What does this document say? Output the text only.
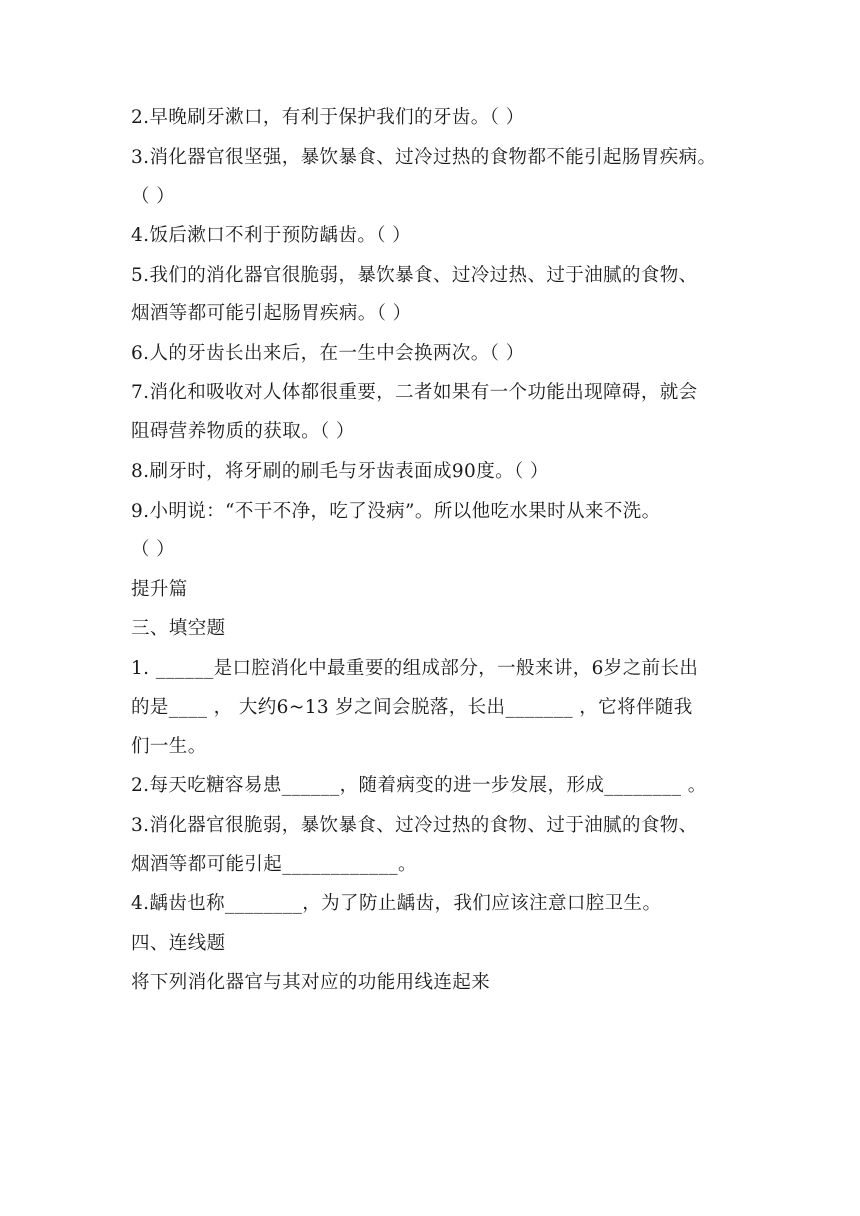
2.早晚刷牙漱口，有利于保护我们的牙齿。（ ）
3.消化器官很坚强，暴饮暴食、过冷过热的食物都不能引起肠胃疾病。
（ ）
4.饭后漱口不利于预防龋齿。（ ）
5.我们的消化器官很脆弱，暴饮暴食、过冷过热、过于油腻的食物、
烟酒等都可能引起肠胃疾病。（ ）
6.人的牙齿长出来后，在一生中会换两次。（ ）
7.消化和吸收对人体都很重要，二者如果有一个功能出现障碍，就会
阻碍营养物质的获取。（ ）
8.刷牙时，将牙刷的刷毛与牙齿表面成90度。（ ）
9.小明说：“不干不净，吃了没病”。所以他吃水果时从来不洗。
（ ）
提升篇
三、填空题
1. ______是口腔消化中最重要的组成部分，一般来讲，6岁之前长出
的是____ ， 大约6~13 岁之间会脱落，长出_______ ，它将伴随我
们一生。
2.每天吃糖容易患______，随着病变的进一步发展，形成________ 。
3.消化器官很脆弱，暴饮暴食、过冷过热的食物、过于油腻的食物、
烟酒等都可能引起____________。
4.龋齿也称________，为了防止龋齿，我们应该注意口腔卫生。
四、连线题
将下列消化器官与其对应的功能用线连起来
